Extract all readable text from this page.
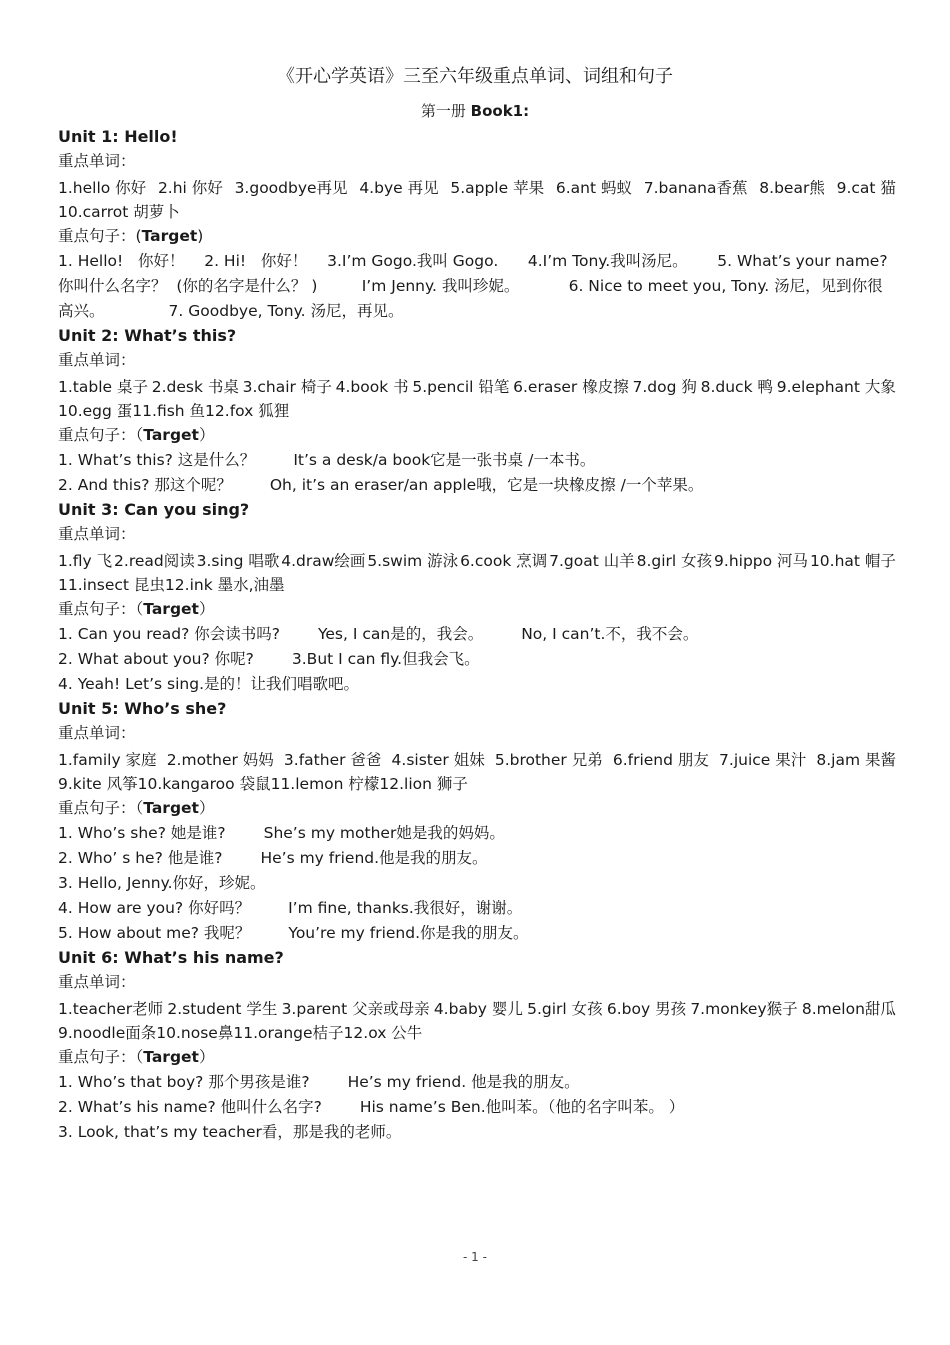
《开心学英语》三至六年级重点单词、词组和句子
第一册 Book1:
Unit 1: Hello!
重点单词：
1.hello 你好 2.hi 你好 3.goodbye再见 4.bye 再见 5.apple 苹果 6.ant 蚂蚁 7.banana香蕉 8.bear熊 9.cat 猫
10.carrot 胡萝卜
重点句子：(Target)
1. Hello!   你好！    2. Hi!   你好！    3.I’m Gogo.我叫 Gogo.      4.I’m Tony.我叫汤尼。      5. What’s your name? 你叫什么名字？  (你的名字是什么？ )         I’m Jenny. 我叫珍妮。          6. Nice to meet you, Tony. 汤尼，见到你很高兴。             7. Goodbye, Tony. 汤尼，再见。
Unit 2: What’s this?
重点单词：
1.table 桌子 2.desk 书桌 3.chair 椅子 4.book 书 5.pencil 铅笔 6.eraser 橡皮擦 7.dog 狗 8.duck 鸭 9.elephant 大象
10.egg 蛋 11.fish 鱼 12.fox 狐狸
重点句子：（Target）
1. What’s this? 这是什么？ It’s a desk/a book它是一张书桌 /一本书。
2. And this? 那这个呢？ Oh, it’s an eraser/an apple哦，它是一块橡皮擦 /一个苹果。
Unit 3: Can you sing?
重点单词：
1.fly 飞 2.read阅读 3.sing 唱歌 4.draw绘画 5.swim 游泳 6.cook 烹调 7.goat 山羊 8.girl 女孩 9.hippo 河马 10.hat 帽子
11.insect 昆虫 12.ink 墨水,油墨
重点句子：（Target）
1. Can you read? 你会读书吗? Yes, I can是的，我会。 No, I can’t.不，我不会。
2. What about you? 你呢? 3.But I can fly.但我会飞。
4. Yeah! Let’s sing.是的！让我们唱歌吧。
Unit 5: Who’s she?
重点单词：
1.family 家庭 2.mother 妈妈 3.father 爸爸 4.sister 姐妹 5.brother 兄弟 6.friend 朋友 7.juice 果汁 8.jam 果酱
9.kite 风筝 10.kangaroo 袋鼠 11.lemon 柠檬 12.lion 狮子
重点句子：（Target）
1. Who’s she? 她是谁? She’s my mother她是我的妈妈。
2. Who’ s he? 他是谁? He’s my friend.他是我的朋友。
3. Hello, Jenny.你好，珍妮。
4. How are you? 你好吗？ I’m fine, thanks.我很好，谢谢。
5. How about me? 我呢？ You’re my friend.你是我的朋友。
Unit 6: What’s his name?
重点单词：
1.teacher老师 2.student 学生 3.parent 父亲或母亲 4.baby 婴儿 5.girl 女孩 6.boy 男孩 7.monkey猴子 8.melon甜瓜
9.noodle面条 10.nose鼻 11.orange桔子 12.ox 公牛
重点句子：（Target）
1. Who’s that boy? 那个男孩是谁? He’s my friend. 他是我的朋友。
2. What’s his name? 他叫什么名字? His name’s Ben.他叫苯。（他的名字叫苯。 ）
3. Look, that’s my teacher看，那是我的老师。
- 1 -
